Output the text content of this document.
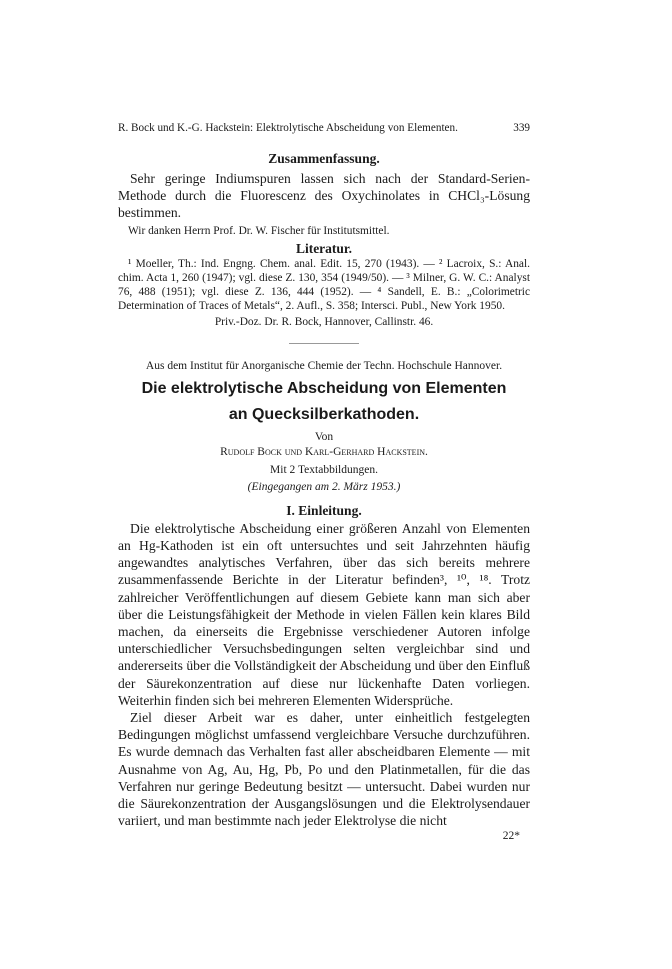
R. Bock und K.-G. Hackstein: Elektrolytische Abscheidung von Elementen.	339
Zusammenfassung.

Sehr geringe Indiumspuren lassen sich nach der Standard-Serien-Methode durch die Fluorescenz des Oxychinolates in CHCl₃-Lösung bestimmen.

Wir danken Herrn Prof. Dr. W. Fischer für Institutsmittel.

Literatur.

¹ Moeller, Th.: Ind. Engng. Chem. anal. Edit. 15, 270 (1943). — ² Lacroix, S.: Anal. chim. Acta 1, 260 (1947); vgl. diese Z. 130, 354 (1949/50). — ³ Milner, G. W. C.: Analyst 76, 488 (1951); vgl. diese Z. 136, 444 (1952). — ⁴ Sandell, E. B.: „Colorimetric Determination of Traces of Metals“, 2. Aufl., S. 358; Intersci. Publ., New York 1950.

Priv.-Doz. Dr. R. Bock, Hannover, Callinstr. 46.
Aus dem Institut für Anorganische Chemie der Techn. Hochschule Hannover.
Die elektrolytische Abscheidung von Elementen
an Quecksilberkathoden.
Von
Rudolf Bock und Karl-Gerhard Hackstein.
Mit 2 Textabbildungen.
(Eingegangen am 2. März 1953.)
I. Einleitung.

Die elektrolytische Abscheidung einer größeren Anzahl von Elementen an Hg-Kathoden ist ein oft untersuchtes und seit Jahrzehnten häufig angewandtes analytisches Verfahren, über das sich bereits mehrere zusammenfassende Berichte in der Literatur befinden³, ¹⁰, ¹⁸. Trotz zahlreicher Veröffentlichungen auf diesem Gebiete kann man sich aber über die Leistungsfähigkeit der Methode in vielen Fällen kein klares Bild machen, da einerseits die Ergebnisse verschiedener Autoren infolge unterschiedlicher Versuchsbedingungen selten vergleichbar sind und andererseits über die Vollständigkeit der Abscheidung und über den Einfluß der Säurekonzentration auf diese nur lückenhafte Daten vorliegen. Weiterhin finden sich bei mehreren Elementen Widersprüche.

Ziel dieser Arbeit war es daher, unter einheitlich festgelegten Bedingungen möglichst umfassend vergleichbare Versuche durchzuführen. Es wurde demnach das Verhalten fast aller abscheidbaren Elemente — mit Ausnahme von Ag, Au, Hg, Pb, Po und den Platinmetallen, für die das Verfahren nur geringe Bedeutung besitzt — untersucht. Dabei wurden nur die Säurekonzentration der Ausgangslösungen und die Elektrolysendauer variiert, und man bestimmte nach jeder Elektrolyse die nicht

22*
